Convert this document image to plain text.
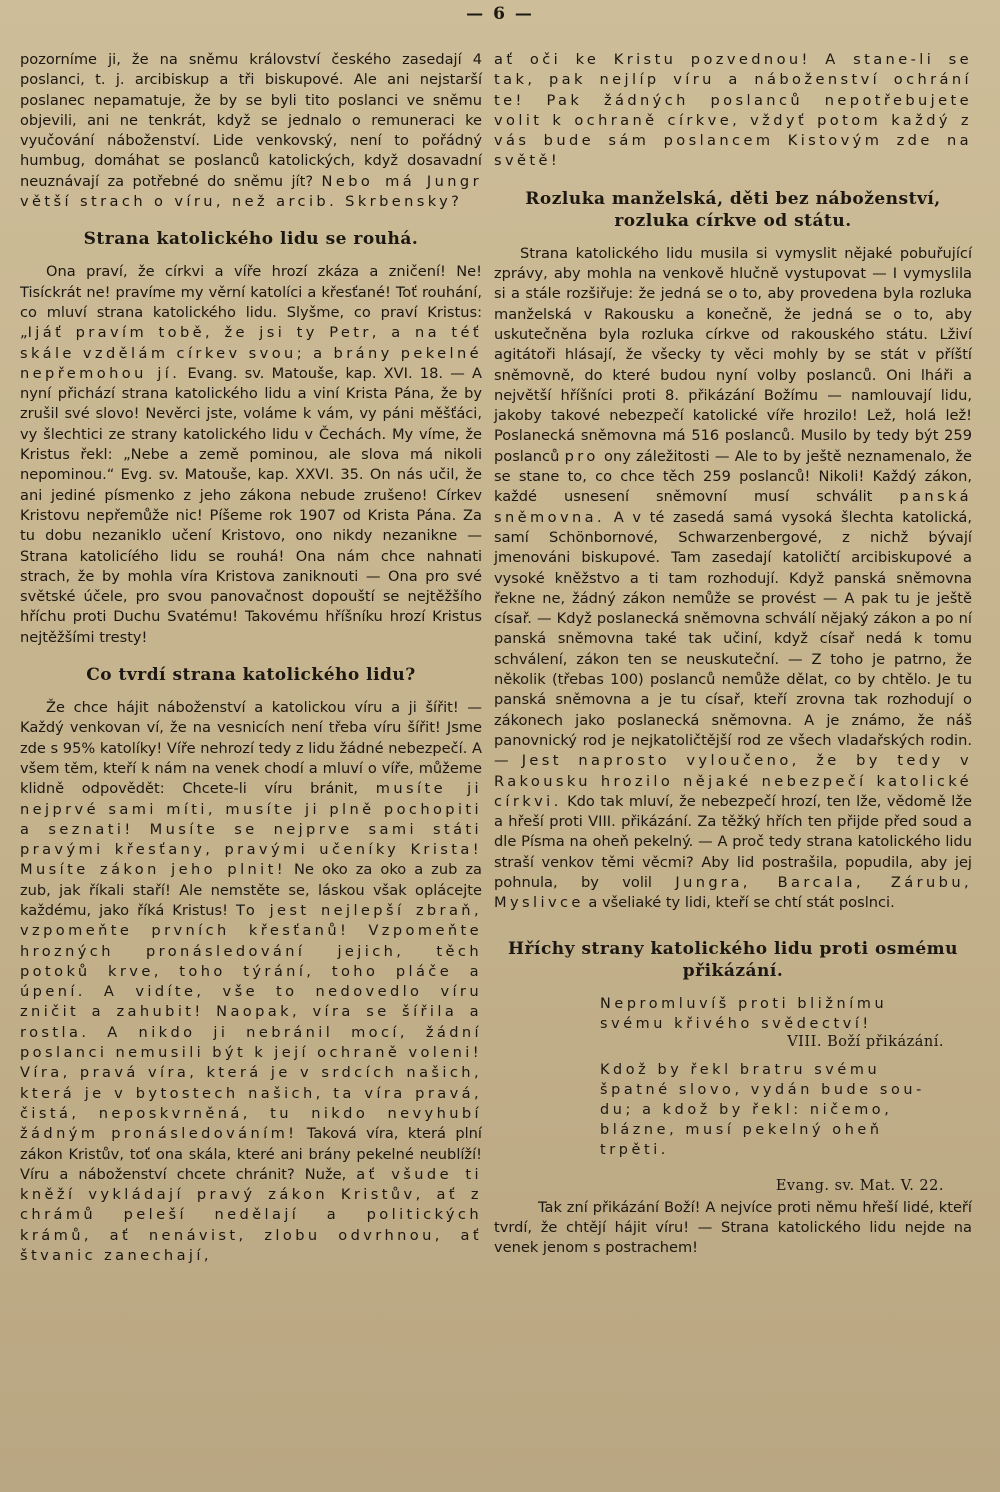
— 6 —

pozorníme ji, že na sněmu království českého zasedají 4 poslanci, t. j. arcibiskup a tři biskupové. Ale ani nejstarší poslanec nepamatuje, že by se byli tito poslanci ve sněmu objevili, ani ne tenkrát, když se jednalo o remuneraci ke vyučování náboženství. Lide venkovský, není to pořádný humbug, domáhat se poslanců katolických, když dosavadní neuznávají za potřebné do sněmu jít? Nebo má Jungr větší strach o víru, než arcib. Skrbensky?

Strana katolického lidu se rouhá.

Ona praví, že církvi a víře hrozí zkáza a zničení! Ne! Tisíckrát ne! pravíme my věrní katolíci a křesťané! Toť rouhání, co mluví strana katolického lidu. Slyšme, co praví Kristus: „Ijáť pravím tobě, že jsi ty Petr, a na téť skále vzdělám církev svou; a brány pekelné nepřemohou jí. Evang. sv. Matouše, kap. XVI. 18. — A nyní přichází strana katolického lidu a viní Krista Pána, že by zrušil své slovo! Nevěrci jste, voláme k vám, vy páni měšťáci, vy šlechtici ze strany katolického lidu v Čechách. My víme, že Kristus řekl: „Nebe a země pominou, ale slova má nikoli nepominou.“ Evg. sv. Matouše, kap. XXVI. 35. On nás učil, že ani jediné písmenko z jeho zákona nebude zrušeno! Církev Kristovu nepřemůže nic! Píšeme rok 1907 od Krista Pána. Za tu dobu nezaniklo učení Kristovo, ono nikdy nezanikne — Strana katolicíého lidu se rouhá! Ona nám chce nahnati strach, že by mohla víra Kristova zaniknouti — Ona pro své světské účele, pro svou panovačnost dopouští se nejtěžšího hříchu proti Duchu Svatému! Takovému hříšníku hrozí Kristus nejtěžšími tresty!

Co tvrdí strana katolického lidu?

Že chce hájit náboženství a katolickou víru a ji šířit! — Každý venkovan ví, že na vesnicích není třeba víru šířit! Jsme zde s 95% katolíky! Víře nehrozí tedy z lidu žádné nebezpečí. A všem těm, kteří k nám na venek chodí a mluví o víře, můžeme klidně odpovědět: Chcete-li víru bránit, musíte ji nejprvé sami míti, musíte ji plně pochopiti a seznati! Musíte se nejprve sami státi pravými křesťany, pravými učeníky Krista! Musíte zákon jeho plnit! Ne oko za oko a zub za zub, jak říkali staří! Ale nemstěte se, láskou však oplácejte každému, jako říká Kristus! To jest nejlepší zbraň, vzpomeňte prvních křesťanů! Vzpomeňte hrozných pronásledování jejich, těch potoků krve, toho týrání, toho pláče a úpení. A vidíte, vše to nedovedlo víru zničit a zahubit! Naopak, víra se šířila a rostla. A nikdo ji nebránil mocí, žádní poslanci nemusili být k její ochraně voleni! Víra, pravá víra, která je v srdcích našich, která je v bytostech našich, ta víra pravá, čistá, neposkvrněná, tu nikdo nevyhubí žádným pronásledováním! Taková víra, která plní zákon Kristův, toť ona skála, které ani brány pekelné neublíží! Víru a náboženství chcete chránit? Nuže, ať všude ti kněží vykládají pravý zákon Kristův, ať z chrámů peleší nedělají a politických krámů, ať nenávist, zlobu odvrhnou, ať štvanic zanechají,

ať oči ke Kristu pozvednou! A stane-li se tak, pak nejlíp víru a náboženství ochrání te! Pak žádných poslanců nepotřebujete volit k ochraně církve, vždyť potom každý z vás bude sám poslancem Kistovým zde na světě!

Rozluka manželská, děti bez náboženství, rozluka církve od státu.

Strana katolického lidu musila si vymyslit nějaké pobuřující zprávy, aby mohla na venkově hlučně vystupovat — I vymyslila si a stále rozšiřuje: že jedná se o to, aby provedena byla rozluka manželská v Rakousku a konečně, že jedná se o to, aby uskutečněna byla rozluka církve od rakouského státu. Lživí agitátoři hlásají, že všecky ty věci mohly by se stát v příští sněmovně, do které budou nyní volby poslanců. Oni lháři a největší hříšníci proti 8. přikázání Božímu — namlouvají lidu, jakoby takové nebezpečí katolické víře hrozilo! Lež, holá lež! Poslanecká sněmovna má 516 poslanců. Musilo by tedy být 259 poslanců pro ony záležitosti — Ale to by ještě neznamenalo, že se stane to, co chce těch 259 poslanců! Nikoli! Každý zákon, každé usnesení sněmovní musí schválit panská sněmovna. A v té zasedá samá vysoká šlechta katolická, samí Schönbornové, Schwarzenbergové, z nichž bývají jmenováni biskupové. Tam zasedají katoličtí arcibiskupové a vysoké kněžstvo a ti tam rozhodují. Když panská sněmovna řekne ne, žádný zákon nemůže se provést — A pak tu je ještě císař. — Když poslanecká sněmovna schválí nějaký zákon a po ní panská sněmovna také tak učiní, když císař nedá k tomu schválení, zákon ten se neuskuteční. — Z toho je patrno, že několik (třebas 100) poslanců nemůže dělat, co by chtělo. Je tu panská sněmovna a je tu císař, kteří zrovna tak rozhodují o zákonech jako poslanecká sněmovna. A je známo, že náš panovnický rod je nejkatoličtější rod ze všech vladařských rodin. — Jest naprosto vyloučeno, že by tedy v Rakousku hrozilo nějaké nebezpečí katolické církvi. Kdo tak mluví, že nebezpečí hrozí, ten lže, vědomě lže a hřeší proti VIII. přikázání. Za těžký hřích ten přijde před soud a dle Písma na oheň pekelný. — A proč tedy strana katolického lidu straší venkov těmi věcmi? Aby lid postrašila, popudila, aby jej pohnula, by volil Jungra, Barcala, Zárubu, Myslivce a všeliaké ty lidi, kteří se chtí stát poslnci.

Hříchy strany katolického lidu proti osmému přikázání.
Nepromluvíš proti bližnímu
svému křivého svědectví!
VIII. Boží přikázání.
Kdož by řekl bratru svému
špatné slovo, vydán bude sou-
du; a kdož by řekl: ničemo,
blázne, musí pekelný oheň
trpěti.
Evang. sv. Mat. V. 22.

Tak zní přikázání Boží! A nejvíce proti němu hřeší lidé, kteří tvrdí, že chtějí hájit víru! — Strana katolického lidu nejde na venek jenom s postrachem!
